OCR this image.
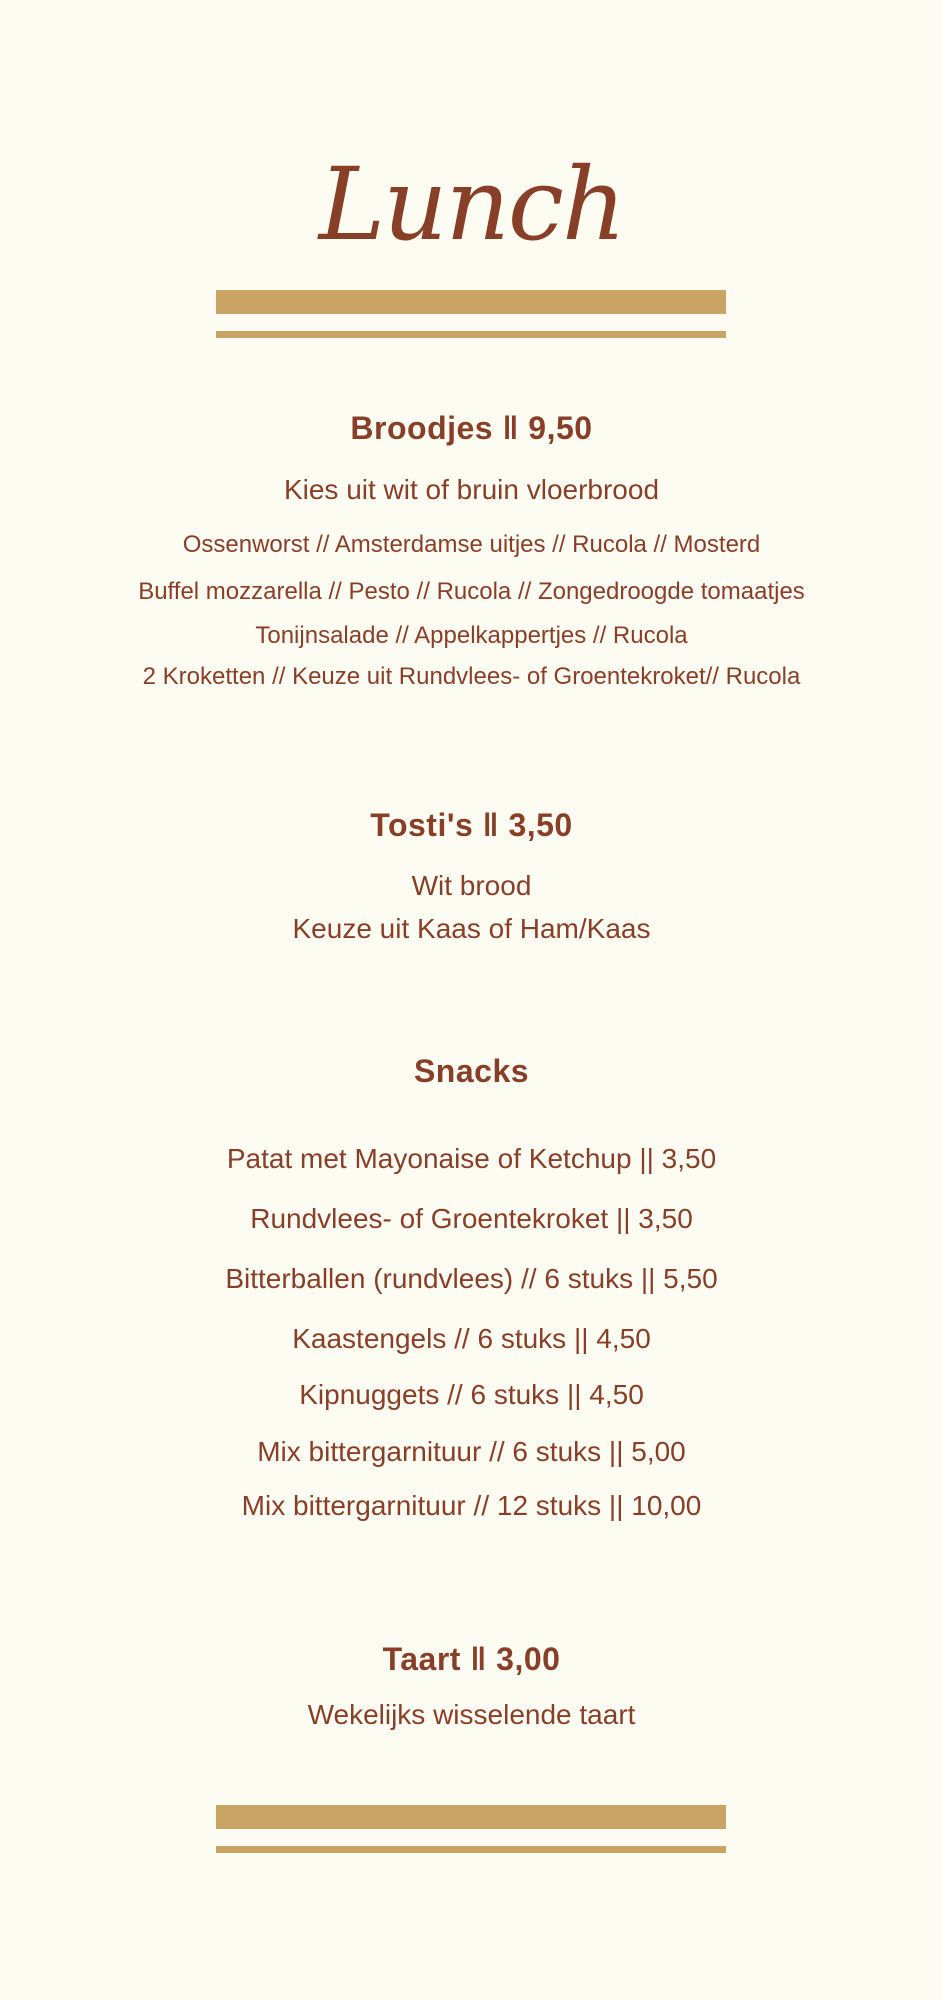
Lunch
Broodjes ǁ 9,50
Kies uit wit of bruin vloerbrood
Ossenworst // Amsterdamse uitjes // Rucola // Mosterd
Buffel mozzarella // Pesto // Rucola // Zongedroogde tomaatjes
Tonijnsalade // Appelkappertjes // Rucola
2 Kroketten // Keuze uit Rundvlees- of Groentekroket// Rucola
Tosti's ǁ 3,50
Wit brood
Keuze uit Kaas of Ham/Kaas
Snacks
Patat met Mayonaise of Ketchup || 3,50
Rundvlees- of Groentekroket || 3,50
Bitterballen (rundvlees) // 6 stuks || 5,50
Kaastengels // 6 stuks || 4,50
Kipnuggets // 6 stuks || 4,50
Mix bittergarnituur // 6 stuks || 5,00
Mix bittergarnituur // 12 stuks || 10,00
Taart ǁ 3,00
Wekelijks wisselende taart
